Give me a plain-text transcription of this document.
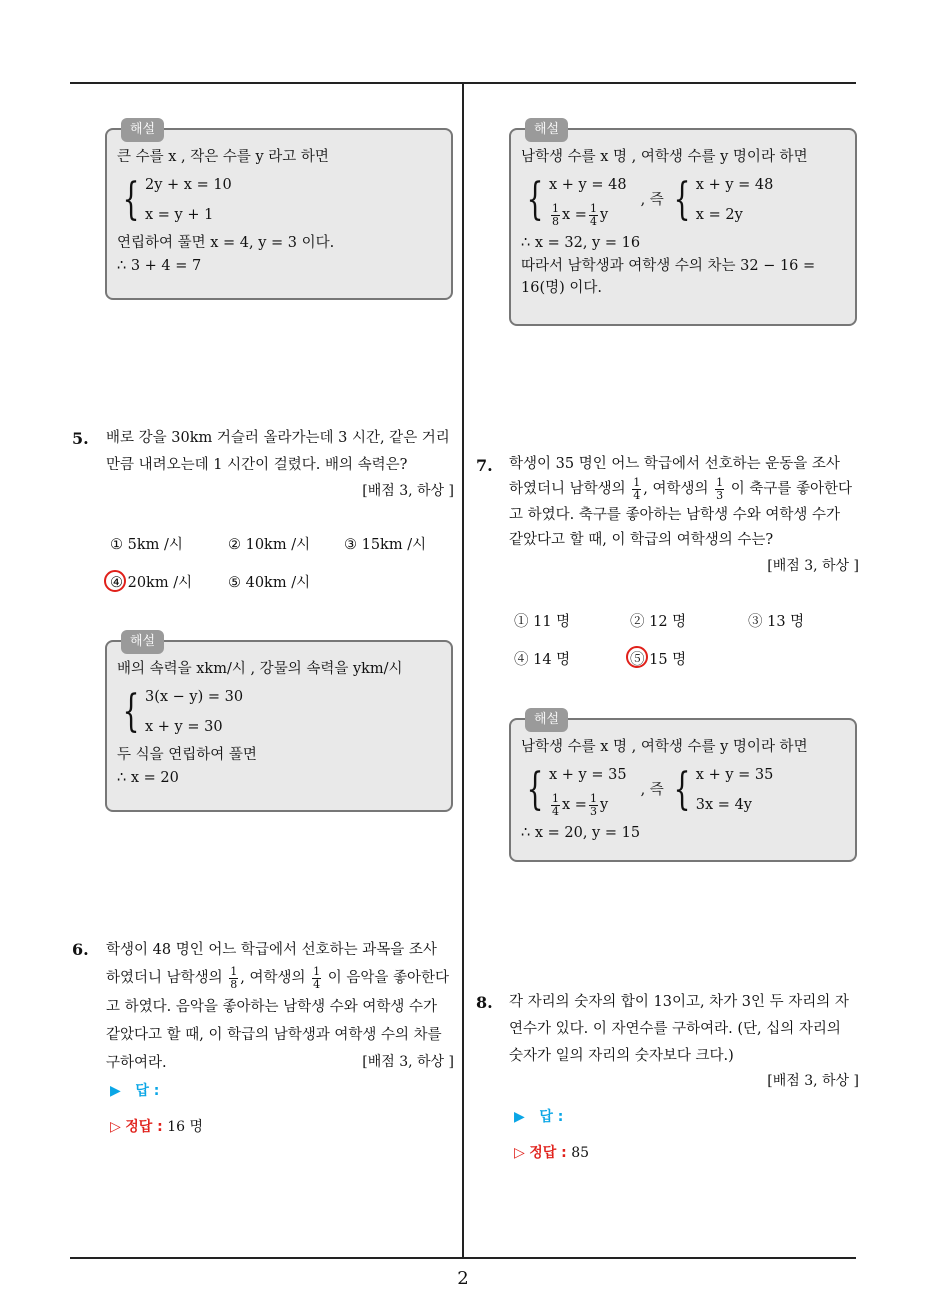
2
해설
큰 수를 x , 작은 수를 y 라고 하면
{ 2y + x = 10
x = y + 1
연립하여 풀면 x = 4, y = 3 이다.
∴ 3 + 4 = 7
5. 배로 강을 30km 거슬러 올라가는데 3 시간, 같은 거리
만큼 내려오는데 1 시간이 걸렸다. 배의 속력은?
[배점 3, 하상 ]
① 5km /시	② 10km /시 ③ 15km /시
④ 20km /시 ⑤ 40km /시
해설
배의 속력을 xkm/시 , 강물의 속력을 ykm/시
{ 3(x − y) = 30
x + y = 30
두 식을 연립하여 풀면
∴ x = 20
6. 학생이 48 명인 어느 학급에서 선호하는 과목을 조사
하였더니 남학생의 $\frac{1}{8}$ , 여학생의 $\frac{1}{4}$ 이 음악을 좋아한다
고 하였다. 음악을 좋아하는 남학생 수와 여학생 수가
같았다고 할 때, 이 학급의 남학생과 여학생 수의 차를
구하여라.	[배점 3, 하상 ]
▶ 답 :
▷ 정답 : 16 명
해설
남학생 수를 x 명 , 여학생 수를 y 명이라 하면
{ x + y = 48
$\frac{1}{8}$ $x = \frac{1}{4}$ y
, 즉 { x + y = 48
x = 2y
∴ x = 32, y = 16
따라서 남학생과 여학생 수의 차는 32 − 16 =
16(명) 이다.
7. 학생이 35 명인 어느 학급에서 선호하는 운동을 조사
하였더니 남학생의 $\frac{1}{4}$ , 여학생의 $\frac{1}{3}$ 이 축구를 좋아한다
고 하였다. 축구를 좋아하는 남학생 수와 여학생 수가
같았다고 할 때, 이 학급의 여학생의 수는?
[배점 3, 하상 ]
① 11 명	② 12 명	③ 13 명
④ 14 명	⑤ 15 명
해설
남학생 수를 x 명 , 여학생 수를 y 명이라 하면
{ x + y = 35
$\frac{1}{4}$ $x = \frac{1}{3}$ y
, 즉 { x + y = 35
3x = 4y
∴ x = 20, y = 15
8. 각 자리의 숫자의 합이 13이고, 차가 3인 두 자리의 자
연수가 있다. 이 자연수를 구하여라. (단, 십의 자리의
숫자가 일의 자리의 숫자보다 크다.)
[배점 3, 하상 ]
▶ 답 :
▷ 정답 : 85
